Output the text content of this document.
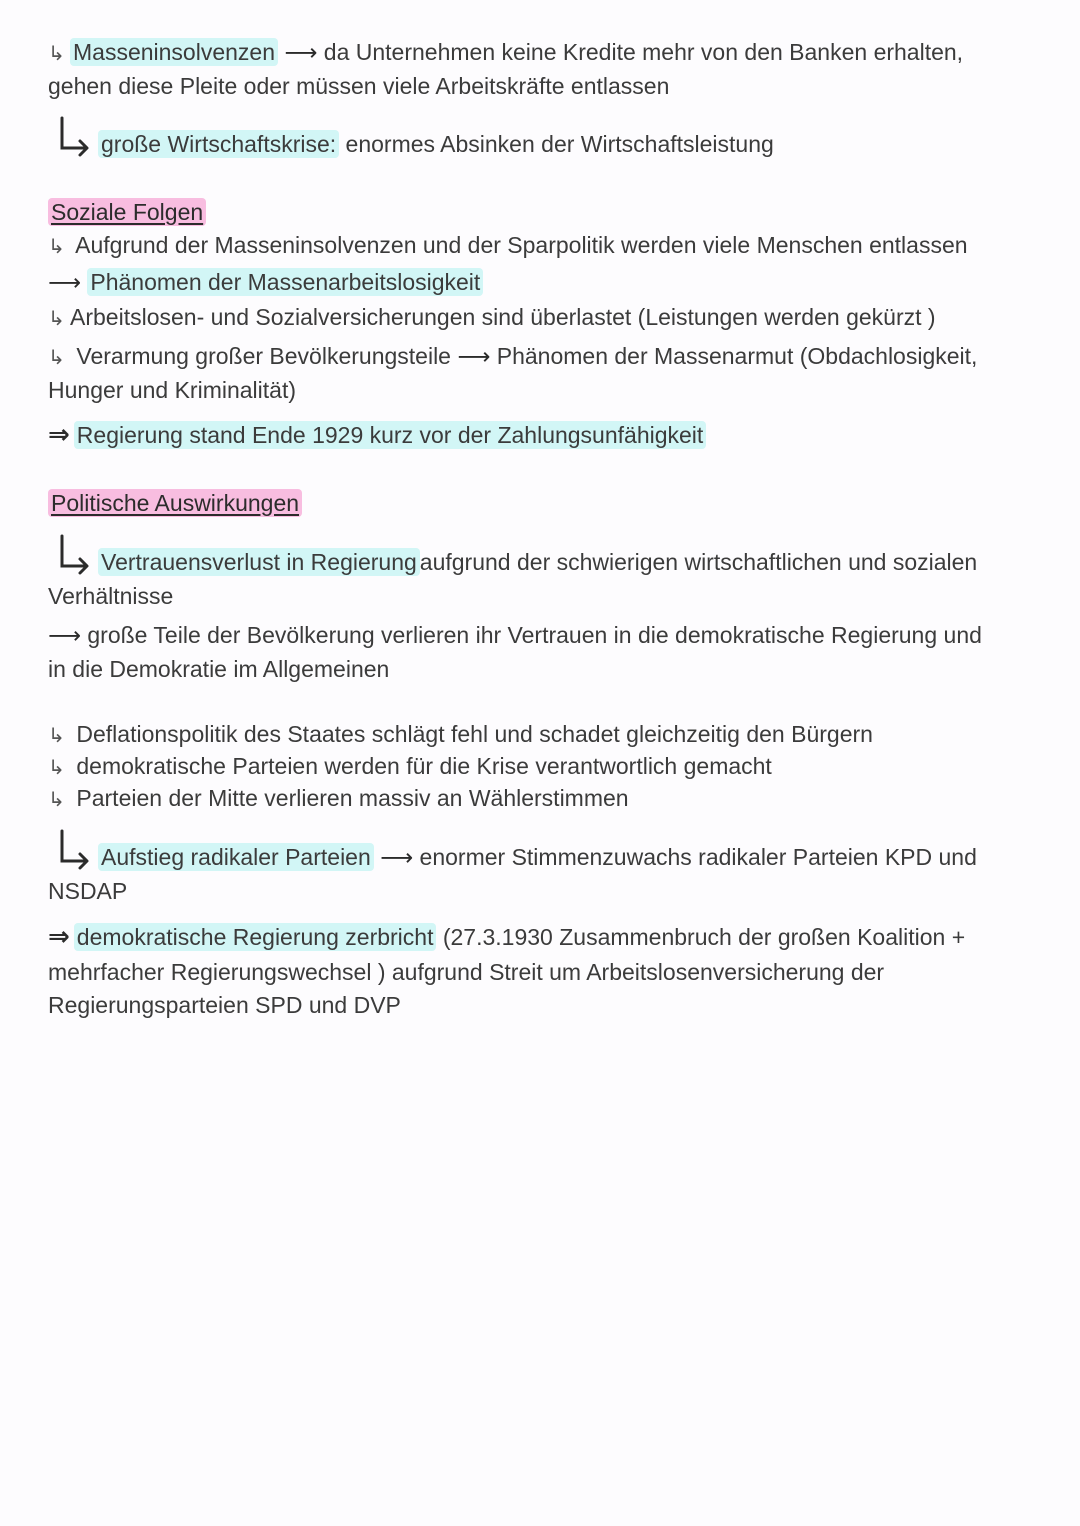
↳ Masseninsolvenzen ⟶ da Unternehmen keine Kredite mehr von den Banken erhalten,
gehen diese Pleite oder müssen viele Arbeitskräfte entlassen
große Wirtschaftskrise: enormes Absinken der Wirtschaftsleistung
Soziale Folgen
↳ Aufgrund der Masseninsolvenzen und der Sparpolitik werden viele Menschen entlassen
⟶ Phänomen der Massenarbeitslosigkeit
↳ Arbeitslosen- und Sozialversicherungen sind überlastet (Leistungen werden gekürzt )
↳ Verarmung großer Bevölkerungsteile ⟶ Phänomen der Massenarmut (Obdachlosigkeit,
Hunger und Kriminalität)
⇒ Regierung stand Ende 1929 kurz vor der Zahlungsunfähigkeit
Politische Auswirkungen
Vertrauensverlust in Regierung aufgrund der schwierigen wirtschaftlichen und sozialen
Verhältnisse
⟶ große Teile der Bevölkerung verlieren ihr Vertrauen in die demokratische Regierung und
in die Demokratie im Allgemeinen
↳ Deflationspolitik des Staates schlägt fehl und schadet gleichzeitig den Bürgern
↳ demokratische Parteien werden für die Krise verantwortlich gemacht
↳ Parteien der Mitte verlieren massiv an Wählerstimmen
Aufstieg radikaler Parteien ⟶ enormer Stimmenzuwachs radikaler Parteien KPD und
NSDAP
⇒ demokratische Regierung zerbricht (27.3.1930 Zusammenbruch der großen Koalition +
mehrfacher Regierungswechsel ) aufgrund Streit um Arbeitslosenversicherung der
Regierungsparteien SPD und DVP
